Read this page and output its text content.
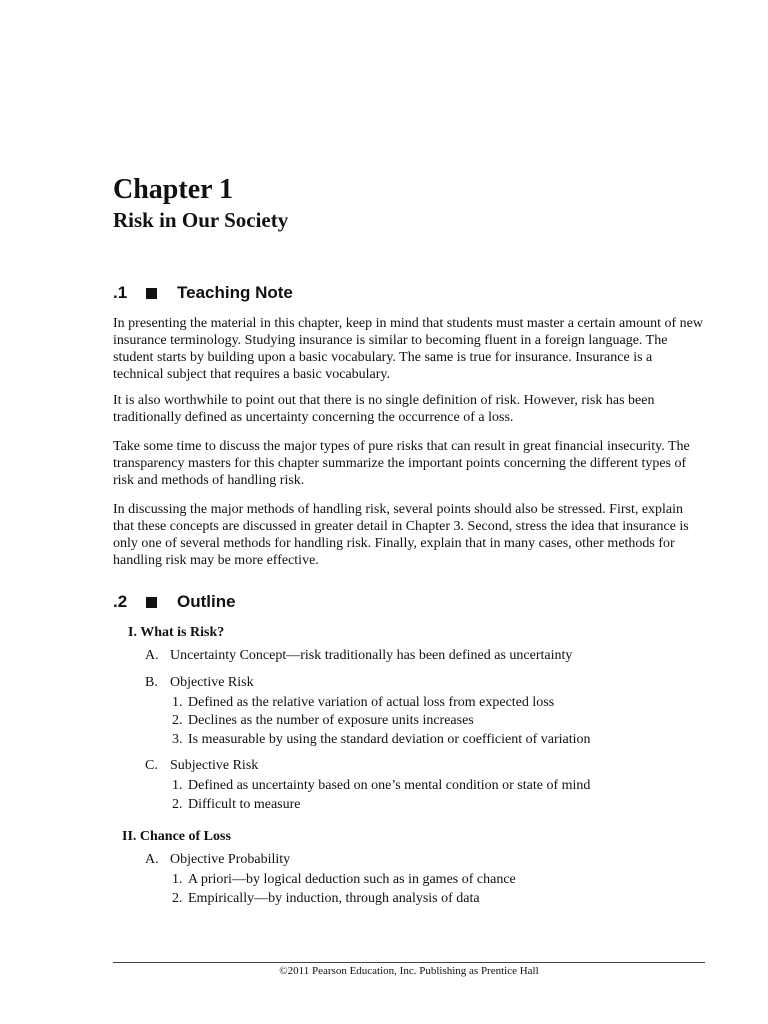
Chapter 1
Risk in Our Society
.1	Teaching Note

In presenting the material in this chapter, keep in mind that students must master a certain amount of new insurance terminology. Studying insurance is similar to becoming fluent in a foreign language. The student starts by building upon a basic vocabulary. The same is true for insurance. Insurance is a technical subject that requires a basic vocabulary.

It is also worthwhile to point out that there is no single definition of risk. However, risk has been traditionally defined as uncertainty concerning the occurrence of a loss.

Take some time to discuss the major types of pure risks that can result in great financial insecurity. The transparency masters for this chapter summarize the important points concerning the different types of risk and methods of handling risk.

In discussing the major methods of handling risk, several points should also be stressed. First, explain that these concepts are discussed in greater detail in Chapter 3. Second, stress the idea that insurance is only one of several methods for handling risk. Finally, explain that in many cases, other methods for handling risk may be more effective.

.2	Outline
I. What is Risk?
A. Uncertainty Concept—risk traditionally has been defined as uncertainty
B. Objective Risk
1. Defined as the relative variation of actual loss from expected loss
2. Declines as the number of exposure units increases
3. Is measurable by using the standard deviation or coefficient of variation
C. Subjective Risk
1. Defined as uncertainty based on one’s mental condition or state of mind
2. Difficult to measure
II. Chance of Loss
A. Objective Probability
1. A priori—by logical deduction such as in games of chance
2. Empirically—by induction, through analysis of data
©2011 Pearson Education, Inc. Publishing as Prentice Hall
